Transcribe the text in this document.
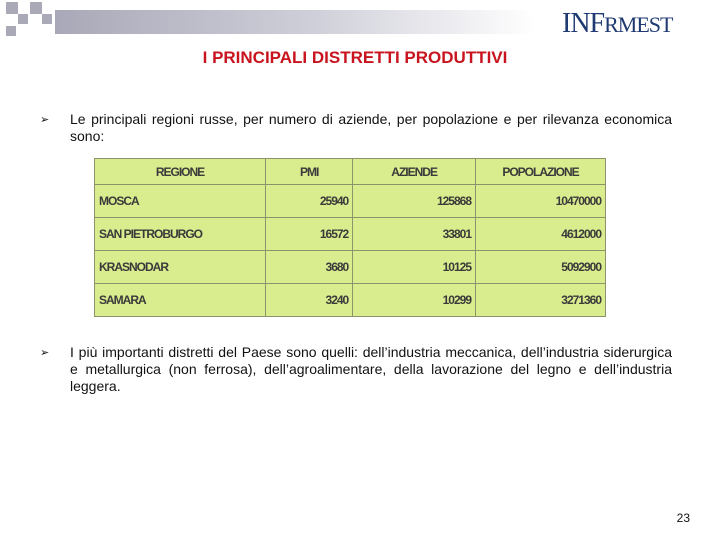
INFRMEST
I PRINCIPALI DISTRETTI PRODUTTIVI
➢ Le principali regioni russe, per numero di aziende, per popolazione e per rilevanza economica sono:
REGIONE	PMI	AZIENDE	POPOLAZIONE
MOSCA	25940	125868	10470000
SAN PIETROBURGO	16572	33801	4612000
KRASNODAR	3680	10125	5092900
SAMARA	3240	10299	3271360
➢ I più importanti distretti del Paese sono quelli: dell’industria meccanica, dell’industria siderurgica e metallurgica (non ferrosa), dell’agroalimentare, della lavorazione del legno e dell’industria leggera.
23
